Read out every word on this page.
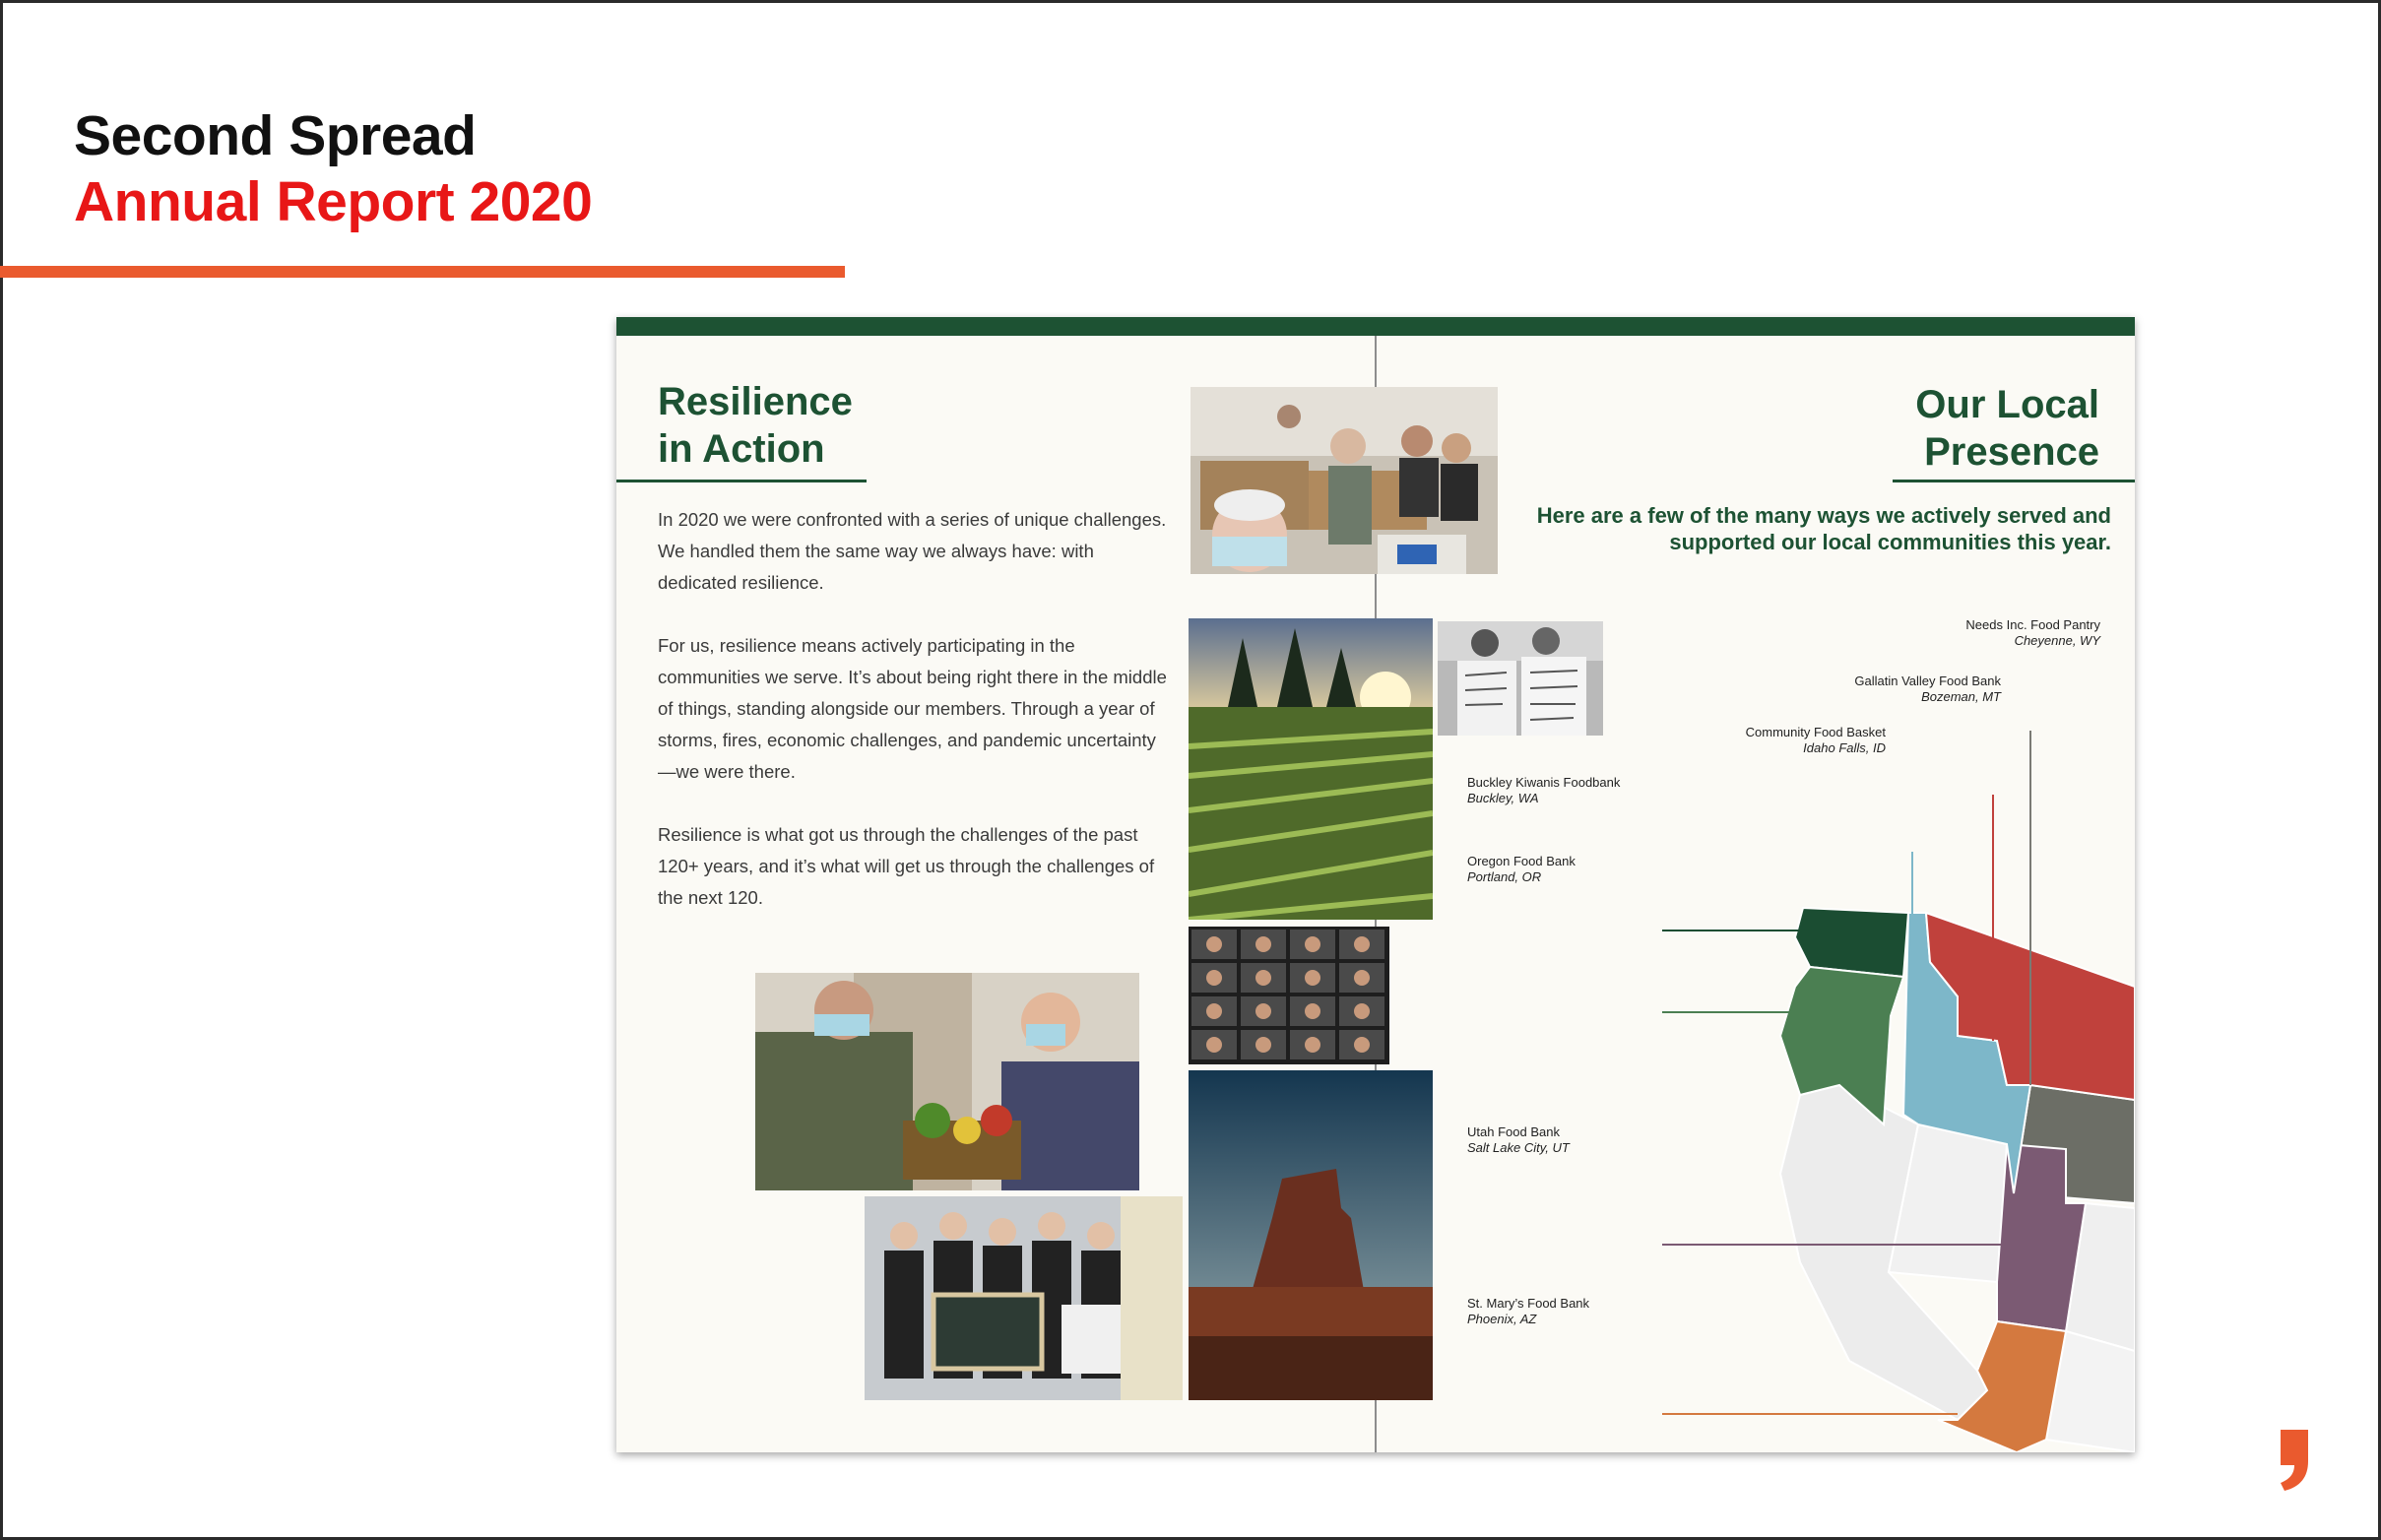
Second Spread
Annual Report 2020
Resilience
in Action

In 2020 we were confronted with a series of unique challenges. We handled them the same way we always have: with dedicated resilience.

For us, resilience means actively participating in the communities we serve. It’s about being right there in the middle of things, standing alongside our members. Through a year of storms, fires, economic challenges, and pandemic uncertainty—we were there.

Resilience is what got us through the challenges of the past 120+ years, and it’s what will get us through the challenges of the next 120.

Our Local
Presence
Here are a few of the many ways we actively served and supported our local communities this year.
Needs Inc. Food Pantry
Cheyenne, WY
Gallatin Valley Food Bank
Bozeman, MT
Community Food Basket
Idaho Falls, ID
Buckley Kiwanis Foodbank
Buckley, WA
Oregon Food Bank
Portland, OR
Utah Food Bank
Salt Lake City, UT
St. Mary’s Food Bank
Phoenix, AZ
